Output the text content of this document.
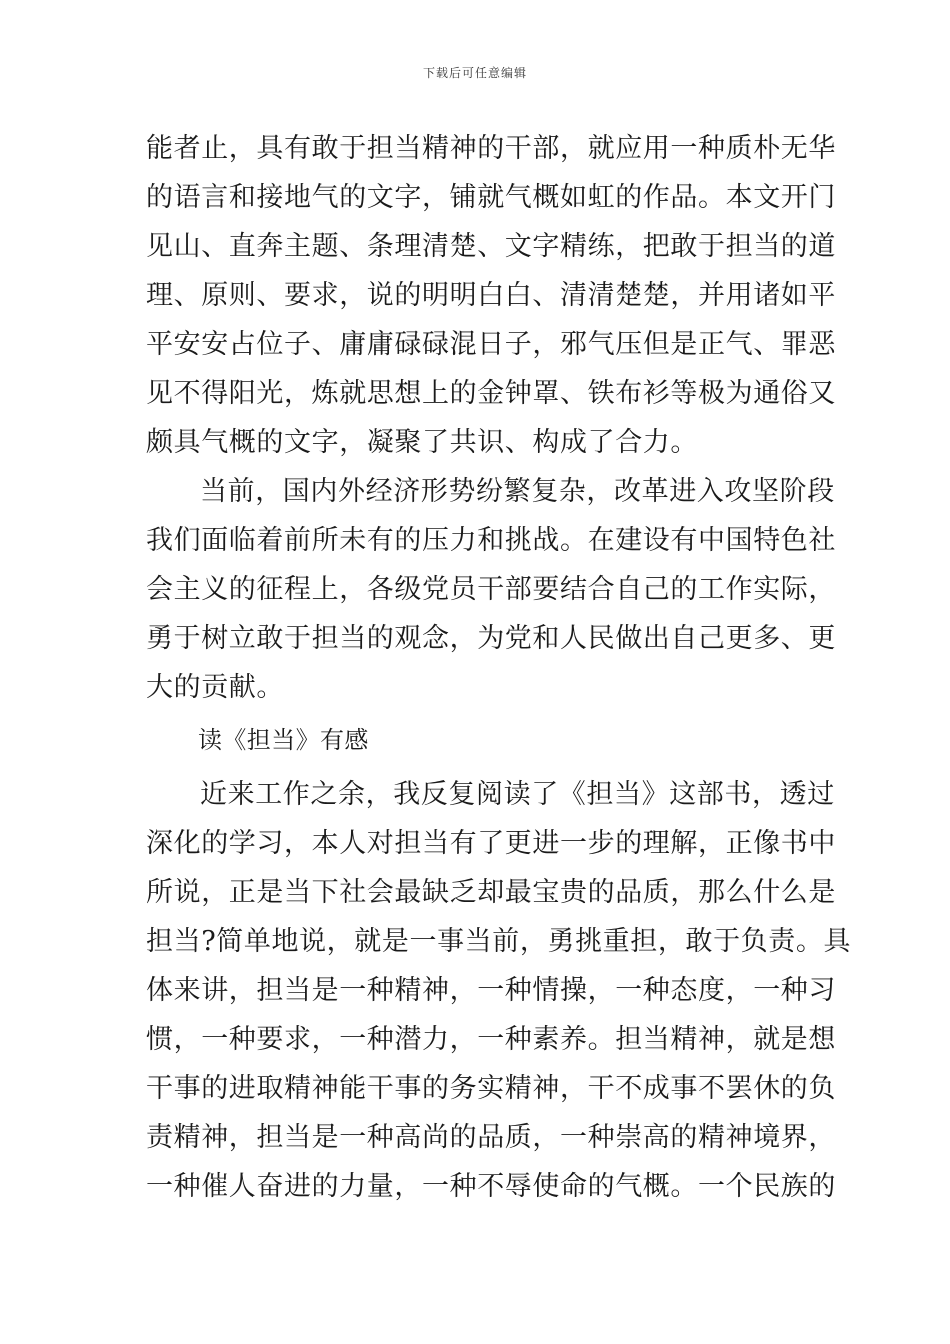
下载后可任意编辑
能者止，具有敢于担当精神的干部，就应用一种质朴无华
的语言和接地气的文字，铺就气概如虹的作品。本文开门
见山、直奔主题、条理清楚、文字精练，把敢于担当的道
理、原则、要求，说的明明白白、清清楚楚，并用诸如平
平安安占位子、庸庸碌碌混日子，邪气压但是正气、罪恶
见不得阳光，炼就思想上的金钟罩、铁布衫等极为通俗又
颇具气概的文字，凝聚了共识、构成了合力。
当前，国内外经济形势纷繁复杂，改革进入攻坚阶段
我们面临着前所未有的压力和挑战。在建设有中国特色社
会主义的征程上，各级党员干部要结合自己的工作实际，
勇于树立敢于担当的观念，为党和人民做出自己更多、更
大的贡献。
读《担当》有感
近来工作之余，我反复阅读了《担当》这部书，透过
深化的学习，本人对担当有了更进一步的理解，正像书中
所说，正是当下社会最缺乏却最宝贵的品质，那么什么是
担当?简单地说，就是一事当前，勇挑重担，敢于负责。具
体来讲，担当是一种精神，一种情操，一种态度，一种习
惯，一种要求，一种潜力，一种素养。担当精神，就是想
干事的进取精神能干事的务实精神，干不成事不罢休的负
责精神，担当是一种高尚的品质，一种崇高的精神境界，
一种催人奋进的力量，一种不辱使命的气概。一个民族的
